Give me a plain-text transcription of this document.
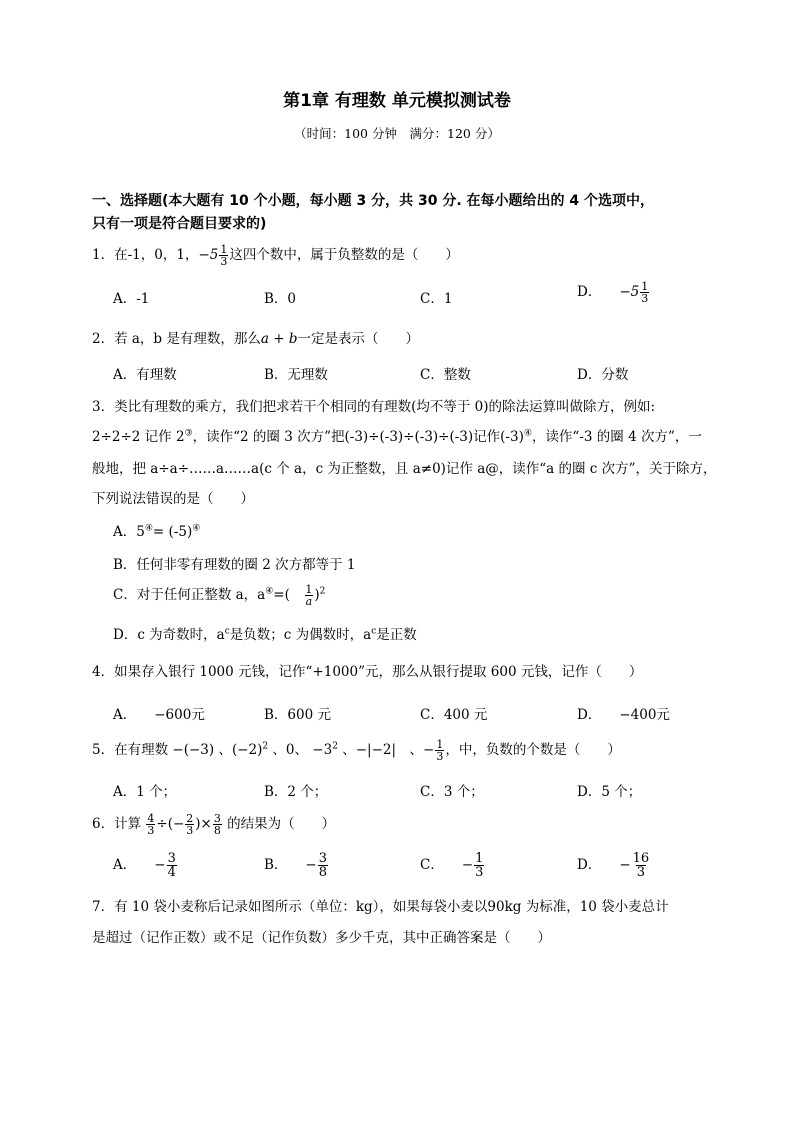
第1章 有理数 单元模拟测试卷
（时间：100 分钟　满分：120 分）
一、选择题(本大题有 10 个小题，每小题 3 分，共 30 分. 在每小题给出的 4 个选项中，
只有一项是符合题目要求的)
1．在-1，0，1，$-5 \frac{1}{3}$ 这四个数中，属于负整数的是（　　）
A．-1	B．0	C．1	D． $-5 \frac{1}{3}$
2．若 a，b 是有理数，那么a + b一定是表示（　　）
A．有理数	B．无理数	C．整数	D．分数
3．类比有理数的乘方，我们把求若干个相同的有理数(均不等于 0)的除法运算叫做除方，例如:
2÷2÷2 记作 2③，读作“2 的圈 3 次方”把(-3)÷(-3)÷(-3)÷(-3)记作(-3)④，读作“-3 的圈 4 次方”，一
般地，把 a÷a÷……a……a(c 个 a，c 为正整数，且 a≠0)记作 a@，读作“a 的圈 c 次方”，关于除方，
下列说法错误的是（　　）
A．5④= (-5)④
B．任何非零有理数的圈 2 次方都等于 1
C．对于任何正整数 a，a④=(　 $\frac{1}{a} )^2$
D．c 为奇数时，$a^c$是负数；c 为偶数时，$a^c$是正数
4．如果存入银行 1000 元钱，记作“+1000”元，那么从银行提取 600 元钱，记作（　　）
A． −600元	B．600 元	C．400 元	D． −400元
5．在有理数 −(−3) 、$(-2)^2$ 、0、 $-3^2$ 、−|−2|　、− $\frac{1}{3}$ ，中，负数的个数是（　　）
A．1 个；	B．2 个；	C．3 个；	D．5 个；
6．计算 $\frac{4}{3}$ ÷(− $\frac{2}{3}$ )× $\frac{3}{8}$ 的结果为（　　）
A． − $\frac{3}{4}$	B． − $\frac{3}{8}$	C． − $\frac{1}{3}$	D． − $\frac{16}{3}$
7．有 10 袋小麦称后记录如图所示（单位：kg），如果每袋小麦以90kg 为标准，10 袋小麦总计
是超过（记作正数）或不足（记作负数）多少千克，其中正确答案是（　　）
